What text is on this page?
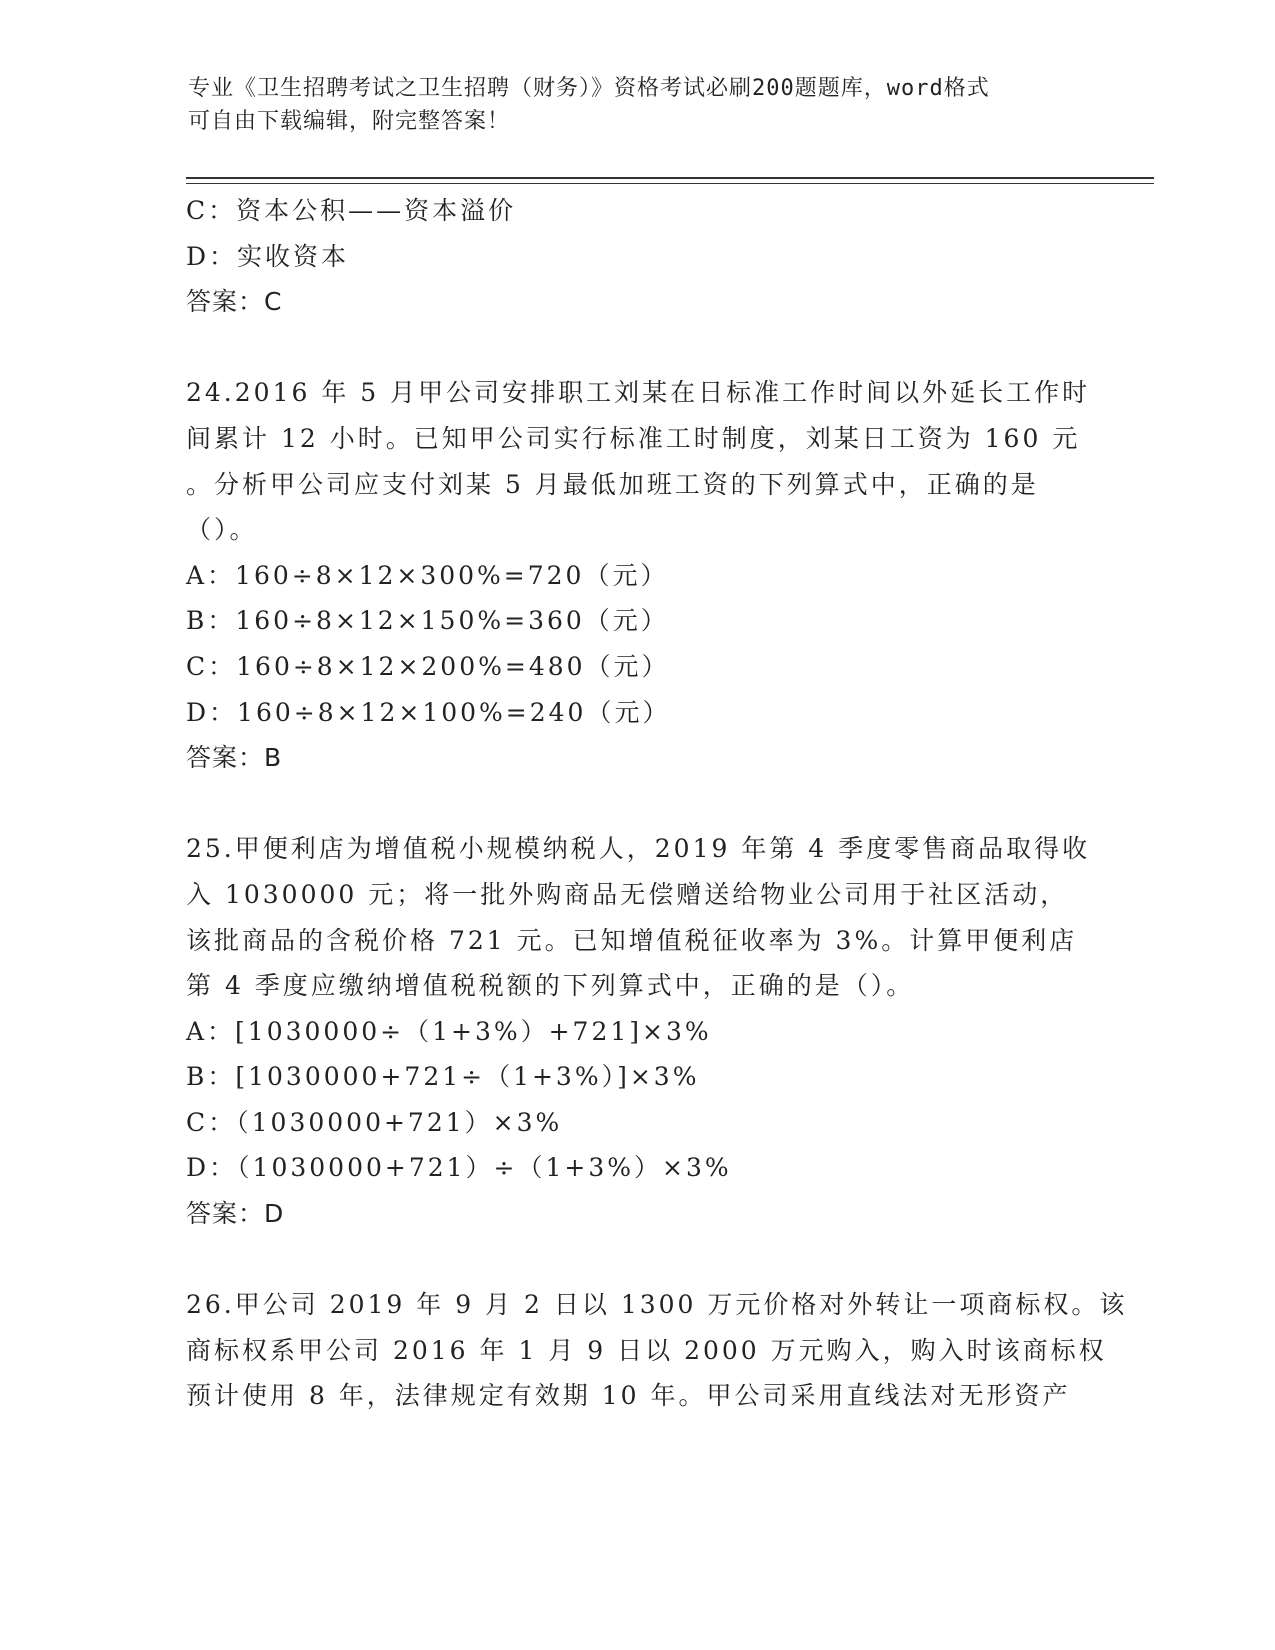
专业《卫生招聘考试之卫生招聘（财务）》资格考试必刷200题题库，word格式
可自由下载编辑，附完整答案！
C：资本公积——资本溢价
D：实收资本
答案：C
24.2016 年 5 月甲公司安排职工刘某在日标准工作时间以外延长工作时
间累计 12 小时。已知甲公司实行标准工时制度，刘某日工资为 160 元
。分析甲公司应支付刘某 5 月最低加班工资的下列算式中，正确的是
（）。
A：160÷8×12×300%=720（元）
B：160÷8×12×150%=360（元）
C：160÷8×12×200%=480（元）
D：160÷8×12×100%=240（元）
答案：B
25.甲便利店为增值税小规模纳税人，2019 年第 4 季度零售商品取得收
入 1030000 元；将一批外购商品无偿赠送给物业公司用于社区活动，
该批商品的含税价格 721 元。已知增值税征收率为 3%。计算甲便利店
第 4 季度应缴纳增值税税额的下列算式中，正确的是（）。
A：[1030000÷（1+3%）+721]×3%
B：[1030000+721÷（1+3%）]×3%
C：（1030000+721）×3%
D：（1030000+721）÷（1+3%）×3%
答案：D
26.甲公司 2019 年 9 月 2 日以 1300 万元价格对外转让一项商标权。该
商标权系甲公司 2016 年 1 月 9 日以 2000 万元购入，购入时该商标权
预计使用 8 年，法律规定有效期 10 年。甲公司采用直线法对无形资产
